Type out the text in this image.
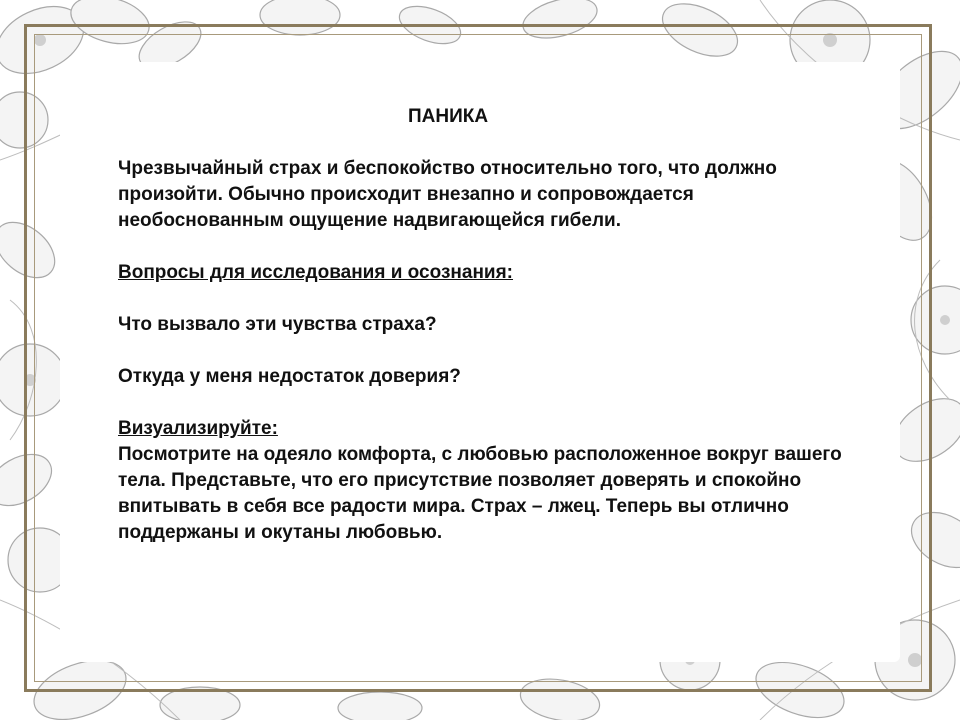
ПАНИКА

Чрезвычайный страх и беспокойство относительно того, что должно произойти. Обычно происходит внезапно и сопровождается необоснованным ощущение надвигающейся гибели.

Вопросы для исследования и осознания:

Что вызвало эти чувства страха?

Откуда у меня недостаток доверия?

Визуализируйте:

Посмотрите на одеяло комфорта, с любовью расположенное вокруг вашего тела. Представьте, что его присутствие позволяет доверять и спокойно впитывать в себя все радости мира. Страх – лжец. Теперь вы отлично поддержаны и окутаны любовью.
